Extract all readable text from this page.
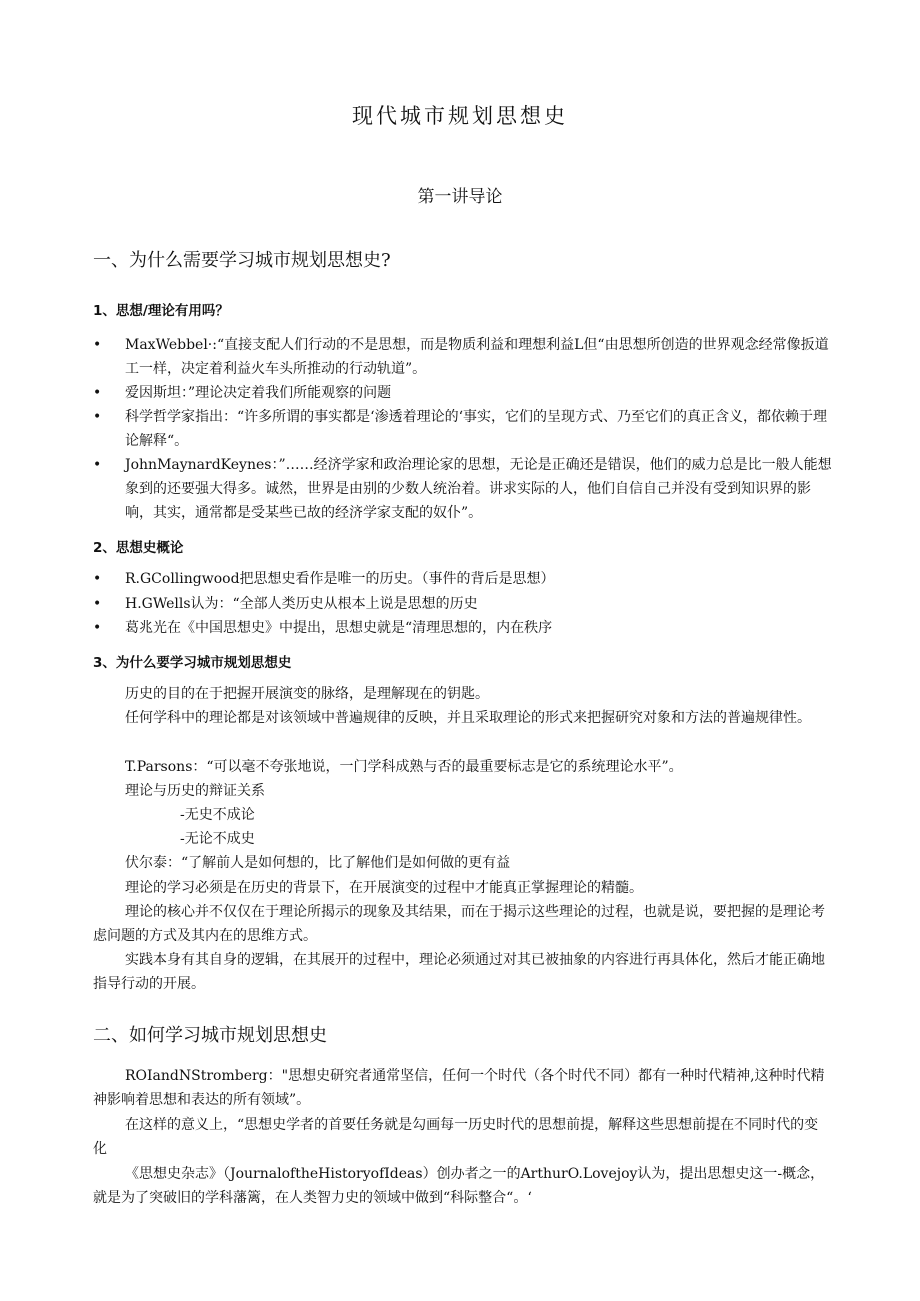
现代城市规划思想史
第一讲导论
一、为什么需要学习城市规划思想史?
1、思想/理论有用吗？
•	MaxWebbel·:“直接支配人们行动的不是思想，而是物质利益和理想利益L但“由思想所创造的世界观念经常像扳道工一样，决定着利益火车头所推动的行动轨道”。
•	爱因斯坦：”理论决定着我们所能观察的问题
•	科学哲学家指出：“许多所谓的事实都是‘渗透着理论的‘事实，它们的呈现方式、乃至它们的真正含义，都依赖于理论解释“。
•	JohnMaynardKeynes：”……经济学家和政治理论家的思想，无论是正确还是错误，他们的威力总是比一般人能想象到的还要强大得多。诚然，世界是由别的少数人统治着。讲求实际的人，他们自信自己并没有受到知识界的影响，其实，通常都是受某些已故的经济学家支配的奴仆”。
2、思想史概论
•	R.GCollingwood把思想史看作是唯一的历史。（事件的背后是思想）
•	H.GWells认为：“全部人类历史从根本上说是思想的历史
•	葛兆光在《中国思想史》中提出，思想史就是“清理思想的，内在秩序
3、为什么要学习城市规划思想史
历史的目的在于把握开展演变的脉络，是理解现在的钥匙。
任何学科中的理论都是对该领域中普遍规律的反映，并且采取理论的形式来把握研究对象和方法的普遍规律性。
T.Parsons：“可以毫不夸张地说，一门学科成熟与否的最重要标志是它的系统理论水平”。
理论与历史的辩证关系
-无史不成论
-无论不成史
伏尔泰：“了解前人是如何想的，比了解他们是如何做的更有益
理论的学习必须是在历史的背景下，在开展演变的过程中才能真正掌握理论的精髓。
理论的核心并不仅仅在于理论所揭示的现象及其结果，而在于揭示这些理论的过程，也就是说，要把握的是理论考虑问题的方式及其内在的思维方式。
实践本身有其自身的逻辑，在其展开的过程中，理论必须通过对其已被抽象的内容进行再具体化，然后才能正确地指导行动的开展。
二、如何学习城市规划思想史
ROIandNStromberg："思想史研究者通常坚信，任何一个时代（各个时代不同）都有一种时代精神,这种时代精神影响着思想和表达的所有领域”。
在这样的意义上，“思想史学者的首要任务就是勾画每一历史时代的思想前提，解释这些思想前提在不同时代的变化
《思想史杂志》（JournaloftheHistoryofIdeas）创办者之一的ArthurO.Lovejoy认为，提出思想史这一-概念，就是为了突破旧的学科藩篱，在人类智力史的领域中做到“科际整合“。‘
